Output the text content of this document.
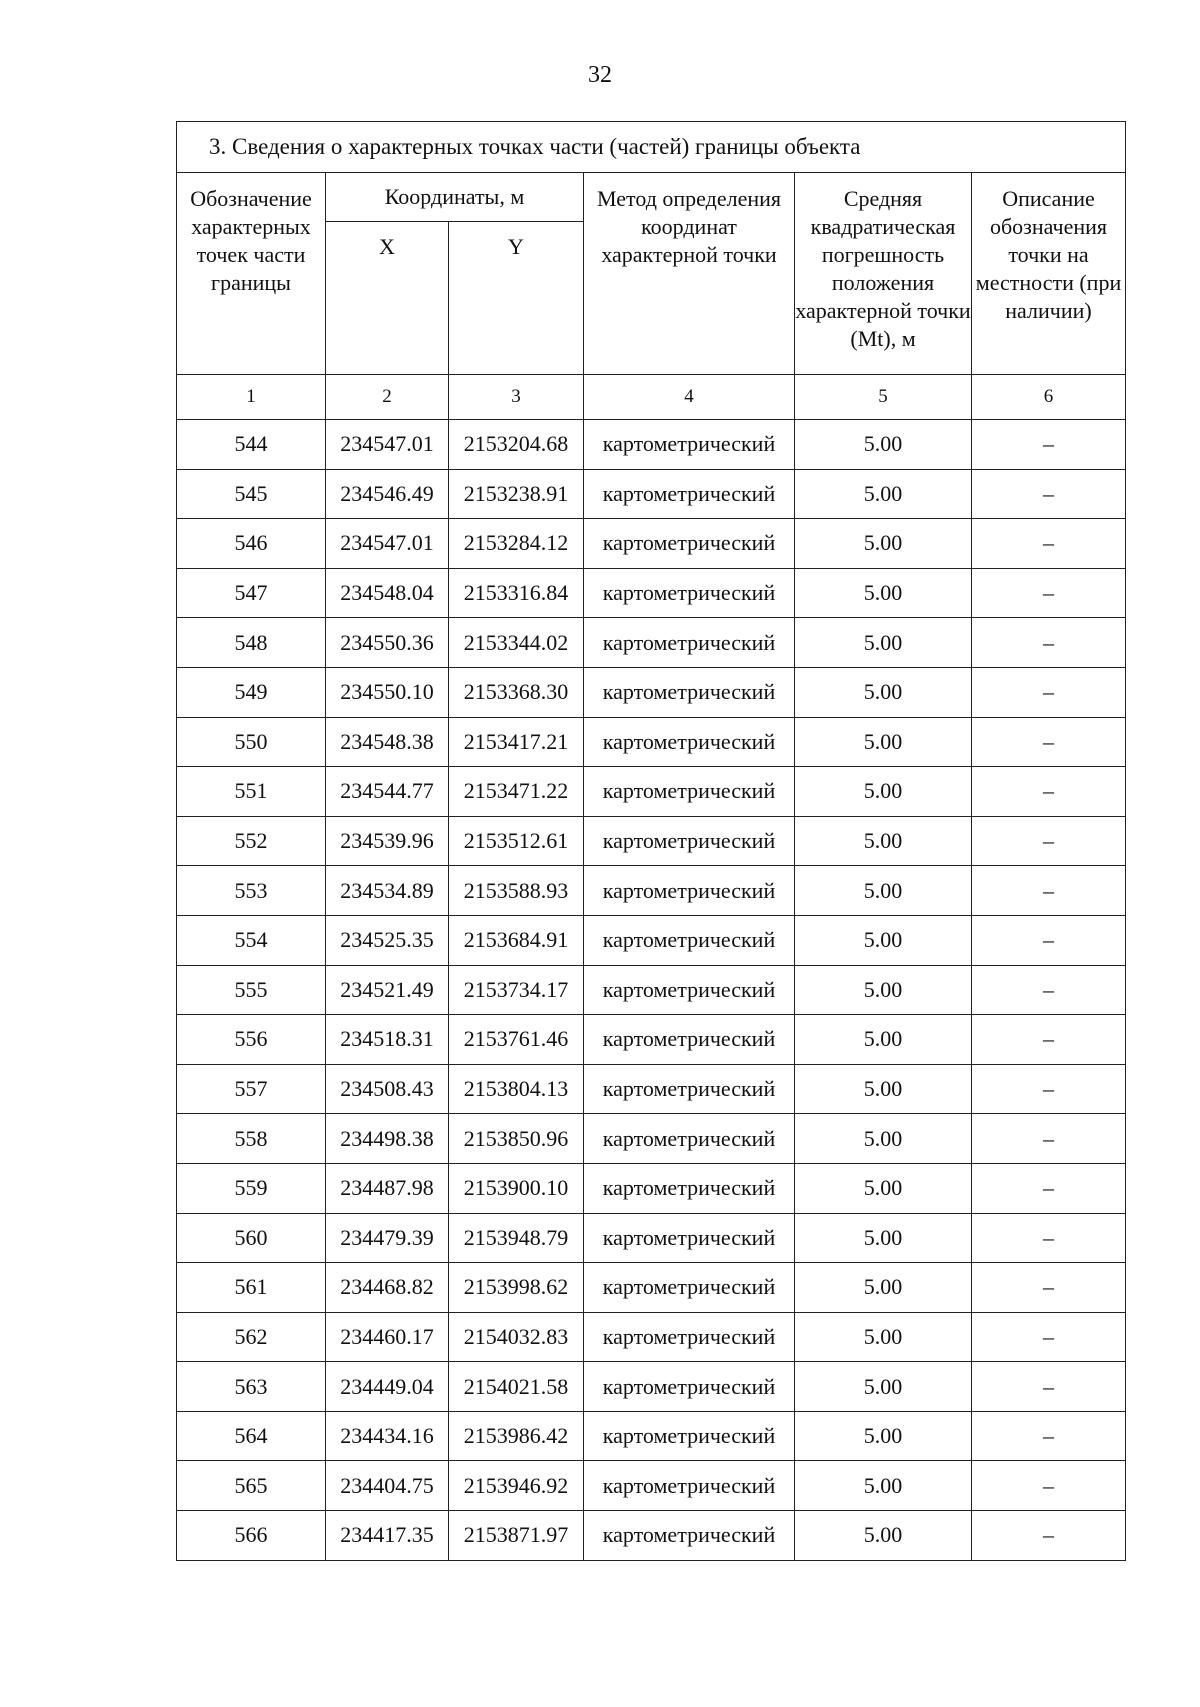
32
3. Сведения о характерных точках части (частей) границы объекта					
Обозначение характерных точек части границы	Координаты, м		Метод определения координат характерной точки	Средняя квадратическая погрешность положения характерной точки (Mt), м	Описание обозначения точки на местности (при наличии)
	X	Y			
1	2	3	4	5	6
544	234547.01	2153204.68	картометрический	5.00	–
545	234546.49	2153238.91	картометрический	5.00	–
546	234547.01	2153284.12	картометрический	5.00	–
547	234548.04	2153316.84	картометрический	5.00	–
548	234550.36	2153344.02	картометрический	5.00	–
549	234550.10	2153368.30	картометрический	5.00	–
550	234548.38	2153417.21	картометрический	5.00	–
551	234544.77	2153471.22	картометрический	5.00	–
552	234539.96	2153512.61	картометрический	5.00	–
553	234534.89	2153588.93	картометрический	5.00	–
554	234525.35	2153684.91	картометрический	5.00	–
555	234521.49	2153734.17	картометрический	5.00	–
556	234518.31	2153761.46	картометрический	5.00	–
557	234508.43	2153804.13	картометрический	5.00	–
558	234498.38	2153850.96	картометрический	5.00	–
559	234487.98	2153900.10	картометрический	5.00	–
560	234479.39	2153948.79	картометрический	5.00	–
561	234468.82	2153998.62	картометрический	5.00	–
562	234460.17	2154032.83	картометрический	5.00	–
563	234449.04	2154021.58	картометрический	5.00	–
564	234434.16	2153986.42	картометрический	5.00	–
565	234404.75	2153946.92	картометрический	5.00	–
566	234417.35	2153871.97	картометрический	5.00	–
